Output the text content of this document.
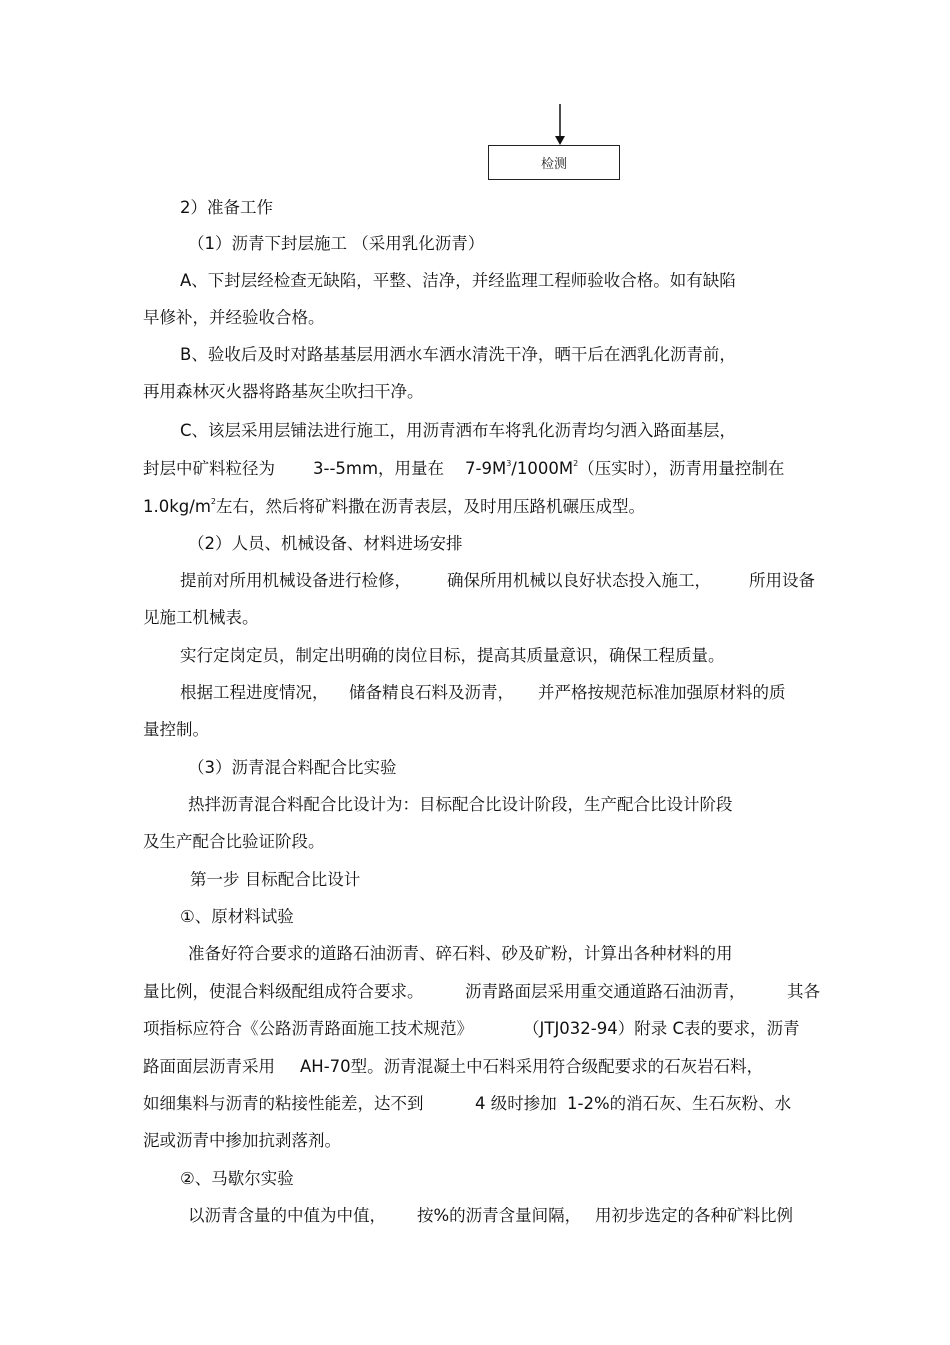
检测
2）准备工作
（1）沥青下封层施工 （采用乳化沥青）
A、下封层经检查无缺陷，平整、洁净，并经监理工程师验收合格。如有缺陷
早修补，并经验收合格。
B、验收后及时对路基基层用洒水车洒水清洗干净，晒干后在洒乳化沥青前，
再用森林灭火器将路基灰尘吹扫干净。
C、该层采用层铺法进行施工，用沥青洒布车将乳化沥青均匀洒入路面基层，
封层中矿料粒径为 3--5mm，用量在 $7-9M^3/1000M^2$（压实时），沥青用量控制在
$1.0kg/m^2$左右，然后将矿料撒在沥青表层，及时用压路机碾压成型。
（2）人员、机械设备、材料进场安排
提前对所用机械设备进行检修， 确保所用机械以良好状态投入施工， 所用设备
见施工机械表。
实行定岗定员，制定出明确的岗位目标，提高其质量意识，确保工程质量。
根据工程进度情况， 储备精良石料及沥青， 并严格按规范标准加强原材料的质
量控制。
（3）沥青混合料配合比实验
热拌沥青混合料配合比设计为：目标配合比设计阶段，生产配合比设计阶段
及生产配合比验证阶段。
第一步 目标配合比设计
①、原材料试验
准备好符合要求的道路石油沥青、碎石料、砂及矿粉，计算出各种材料的用
量比例，使混合料级配组成符合要求。	沥青路面层采用重交通道路石油沥青，	其各
项指标应符合《公路沥青路面施工技术规范》	（JTJ032-94）附录 C表的要求，沥青
路面面层沥青采用 AH-70型。沥青混凝土中石料采用符合级配要求的石灰岩石料，
如细集料与沥青的粘接性能差，达不到	4 级时掺加 1-2%的消石灰、生石灰粉、水
泥或沥青中掺加抗剥落剂。
②、马歇尔实验
以沥青含量的中值为中值， 按%的沥青含量间隔， 用初步选定的各种矿料比例
